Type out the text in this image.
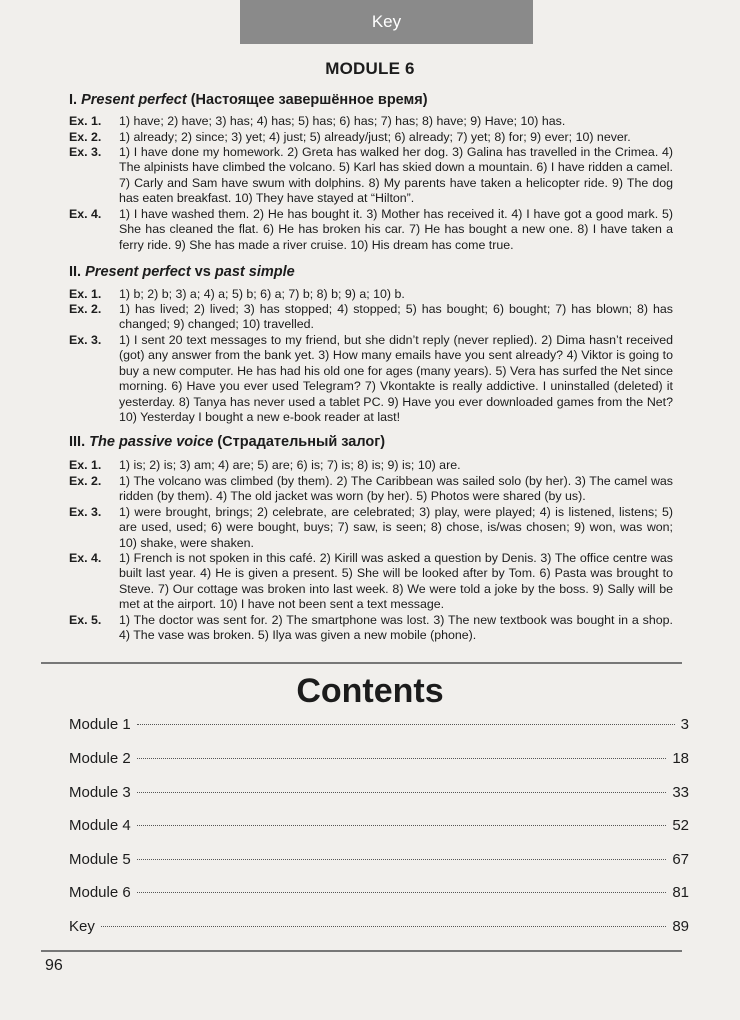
Key
MODULE 6
I. Present perfect (Настоящее завершённое время)
Ex. 1. 1) have; 2) have; 3) has; 4) has; 5) has; 6) has; 7) has; 8) have; 9) Have; 10) has.
Ex. 2. 1) already; 2) since; 3) yet; 4) just; 5) already/just; 6) already; 7) yet; 8) for; 9) ever; 10) never.
Ex. 3. 1) I have done my homework. 2) Greta has walked her dog. 3) Galina has travelled in the Crimea. 4) The alpinists have climbed the volcano. 5) Karl has skied down a mountain. 6) I have ridden a camel. 7) Carly and Sam have swum with dolphins. 8) My parents have taken a helicopter ride. 9) The dog has eaten breakfast. 10) They have stayed at “Hilton”.
Ex. 4. 1) I have washed them. 2) He has bought it. 3) Mother has received it. 4) I have got a good mark. 5) She has cleaned the flat. 6) He has broken his car. 7) He has bought a new one. 8) I have taken a ferry ride. 9) She has made a river cruise. 10) His dream has come true.
II. Present perfect vs past simple
Ex. 1. 1) b; 2) b; 3) a; 4) a; 5) b; 6) a; 7) b; 8) b; 9) a; 10) b.
Ex. 2. 1) has lived; 2) lived; 3) has stopped; 4) stopped; 5) has bought; 6) bought; 7) has blown; 8) has changed; 9) changed; 10) travelled.
Ex. 3. 1) I sent 20 text messages to my friend, but she didn’t reply (never replied). 2) Dima hasn’t received (got) any answer from the bank yet. 3) How many emails have you sent already? 4) Viktor is going to buy a new computer. He has had his old one for ages (many years). 5) Vera has surfed the Net since morning. 6) Have you ever used Telegram? 7) Vkontakte is really addictive. I uninstalled (deleted) it yesterday. 8) Tanya has never used a tablet PC. 9) Have you ever downloaded games from the Net? 10) Yesterday I bought a new e-book reader at last!
III. The passive voice (Страдательный залог)
Ex. 1. 1) is; 2) is; 3) am; 4) are; 5) are; 6) is; 7) is; 8) is; 9) is; 10) are.
Ex. 2. 1) The volcano was climbed (by them). 2) The Caribbean was sailed solo (by her). 3) The camel was ridden (by them). 4) The old jacket was worn (by her). 5) Photos were shared (by us).
Ex. 3. 1) were brought, brings; 2) celebrate, are celebrated; 3) play, were played; 4) is listened, listens; 5) are used, used; 6) were bought, buys; 7) saw, is seen; 8) chose, is/was chosen; 9) won, was won; 10) shake, were shaken.
Ex. 4. 1) French is not spoken in this café. 2) Kirill was asked a question by Denis. 3) The office centre was built last year. 4) He is given a present. 5) She will be looked after by Tom. 6) Pasta was brought to Steve. 7) Our cottage was broken into last week. 8) We were told a joke by the boss. 9) Sally will be met at the airport. 10) I have not been sent a text message.
Ex. 5. 1) The doctor was sent for. 2) The smartphone was lost. 3) The new textbook was bought in a shop. 4) The vase was broken. 5) Ilya was given a new mobile (phone).
Contents
Module 1	3
Module 2	18
Module 3	33
Module 4	52
Module 5	67
Module 6	81
Key	89
96
